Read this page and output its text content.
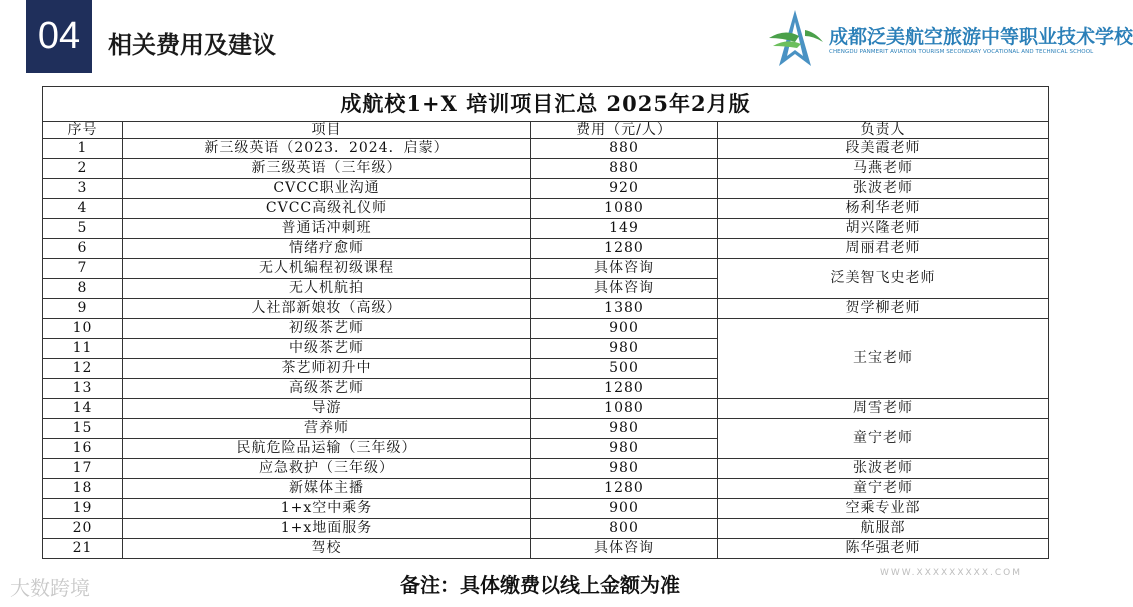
04	相关费用及建议	成都泛美航空旅游中等职业技术学校
CHENGDU PANMERIT AVIATION TOURISM SECONDARY VOCATIONAL AND TECHNICAL SCHOOL
成航校1+X 培训项目汇总 2025年2月版			
序号	项目	费用（元/人）	负责人
1	新三级英语（2023．2024．启蒙）	880	段美霞老师
2	新三级英语（三年级）	880	马燕老师
3	CVCC职业沟通	920	张波老师
4	CVCC高级礼仪师	1080	杨利华老师
5	普通话冲刺班	149	胡兴隆老师
6	情绪疗愈师	1280	周丽君老师
7	无人机编程初级课程	具体咨询	泛美智飞史老师
8	无人机航拍	具体咨询	
9	人社部新娘妆（高级）	1380	贺学柳老师
10	初级茶艺师	900	王宝老师
11	中级茶艺师	980	
12	茶艺师初升中	500	
13	高级茶艺师	1280	
14	导游	1080	周雪老师
15	营养师	980	童宁老师
16	民航危险品运输（三年级）	980	
17	应急救护（三年级）	980	张波老师
18	新媒体主播	1280	童宁老师
19	1+x空中乘务	900	空乘专业部
20	1+x地面服务	800	航服部
21	驾校	具体咨询	陈华强老师
备注：具体缴费以线上金额为准
大数跨境
WWW.XXXXXXXXX.COM
